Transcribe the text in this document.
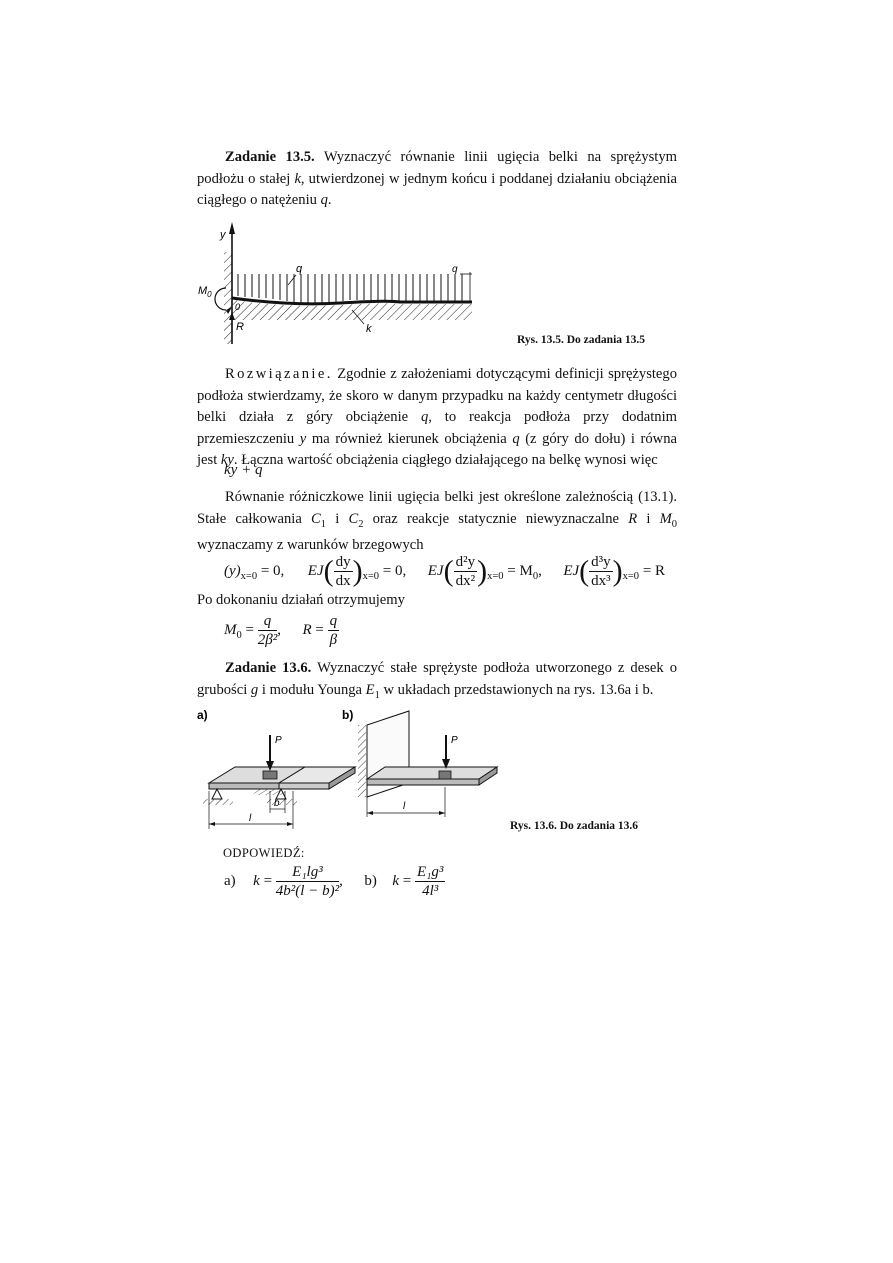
Zadanie 13.5. Wyznaczyć równanie linii ugięcia belki na sprężystym podłożu o stałej k, utwierdzonej w jednym końcu i poddanej działaniu obciążenia ciągłego o natężeniu q.
y
q
q
$M_0$
0
R	k
Rys. 13.5. Do zadania 13.5
Rozwiązanie. Zgodnie z założeniami dotyczącymi definicji sprężystego podłoża stwierdzamy, że skoro w danym przypadku na każdy centymetr długości belki działa z góry obciążenie q, to reakcja podłoża przy dodatnim przemieszczeniu y ma również kierunek obciążenia q (z góry do dołu) i równa jest ky. Łączna wartość obciążenia ciągłego działającego na belkę wynosi więc
ky + q
Równanie różniczkowe linii ugięcia belki jest określone zależnością (13.1). Stałe całkowania $C_1$ i $C_2$ oraz reakcje statycznie niewyznaczalne R i $M_0$ wyznaczamy z warunków brzegowych
$(y)_{x=0} = 0$, $EJ( \frac{dy}{dx} )_{x=0} = 0$, $EJ( \frac{\text{d²y}}{\text{dx²}} )_{x=0} = M_0$, $EJ( \frac{\text{d³y}}{\text{dx³}} )_{x=0} = R$
Po dokonaniu działań otrzymujemy
$M_0 = \frac{q}{\text{2β²}}$ , $R = \frac{q}{\beta}$
Zadanie 13.6. Wyznaczyć stałe sprężyste podłoża utworzonego z desek o grubości g i modułu Younga $E_1$ w układach przedstawionych na rys. 13.6a i b.
a)	b)
P
b
l
P
l
Rys. 13.6. Do zadania 13.6
ODPOWIEDŹ:
a) $k = \frac{\text{E₁lg³}}{\text{4b²(l − b)²}}$ , b) $k = \frac{\text{E₁g³}}{\text{4l³}}$
